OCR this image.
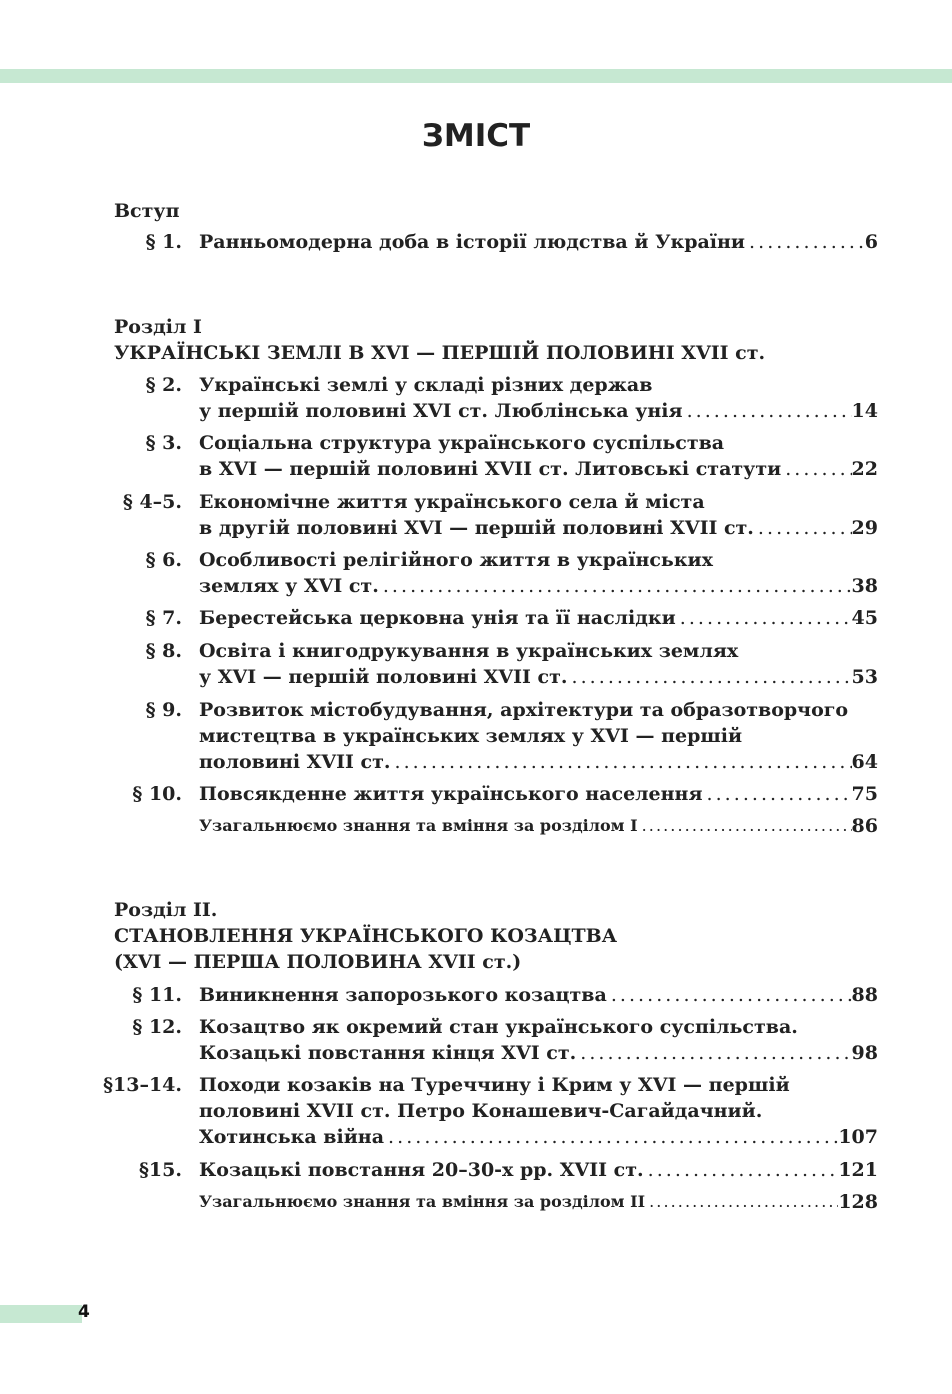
ЗМІСТ
Вступ
§ 1. Ранньомодерна доба в історії людства й України . . .	6
Розділ І
УКРАЇНСЬКІ ЗЕМЛІ В XVI — ПЕРШІЙ ПОЛОВИНІ XVII ст.
§ 2. Українські землі у складі різних держав
у першій половині XVI ст. Люблінська унія . . .	14
§ 3. Соціальна структура українського суспільства
в XVI — першій половині XVII ст. Литовські статути . . .	22
§ 4–5. Економічне життя українського села й міста
в другій половині XVI — першій половині XVII ст. . . .	29
§ 6. Особливості релігійного життя в українських
землях у XVI ст. . . .	38
§ 7. Берестейська церковна унія та її наслідки . . .	45
§ 8. Освіта і книгодрукування в українських землях
у XVI — першій половині XVII ст. . . .	53
§ 9. Розвиток містобудування, архітектури та образотворчого
мистецтва в українських землях у XVI — першій
половині XVII ст. . . .	64
§ 10. Повсякденне життя українського населення . . .	75
Узагальнюємо знання та вміння за розділом І . . .	86
Розділ ІІ.
СТАНОВЛЕННЯ УКРАЇНСЬКОГО КОЗАЦТВА
(XVI — ПЕРША ПОЛОВИНА XVII ст.)
§ 11. Виникнення запорозького козацтва . . .	88
§ 12. Козацтво як окремий стан українського суспільства.
Козацькі повстання кінця XVI ст. . . .	98
§13–14. Походи козаків на Туреччину і Крим у XVI — першій
половині XVII ст. Петро Конашевич-Сагайдачний.
Хотинська війна . . .	107
§15. Козацькі повстання 20–30-х рр. XVII ст. . . .	121
Узагальнюємо знання та вміння за розділом ІІ . . .	128
4
